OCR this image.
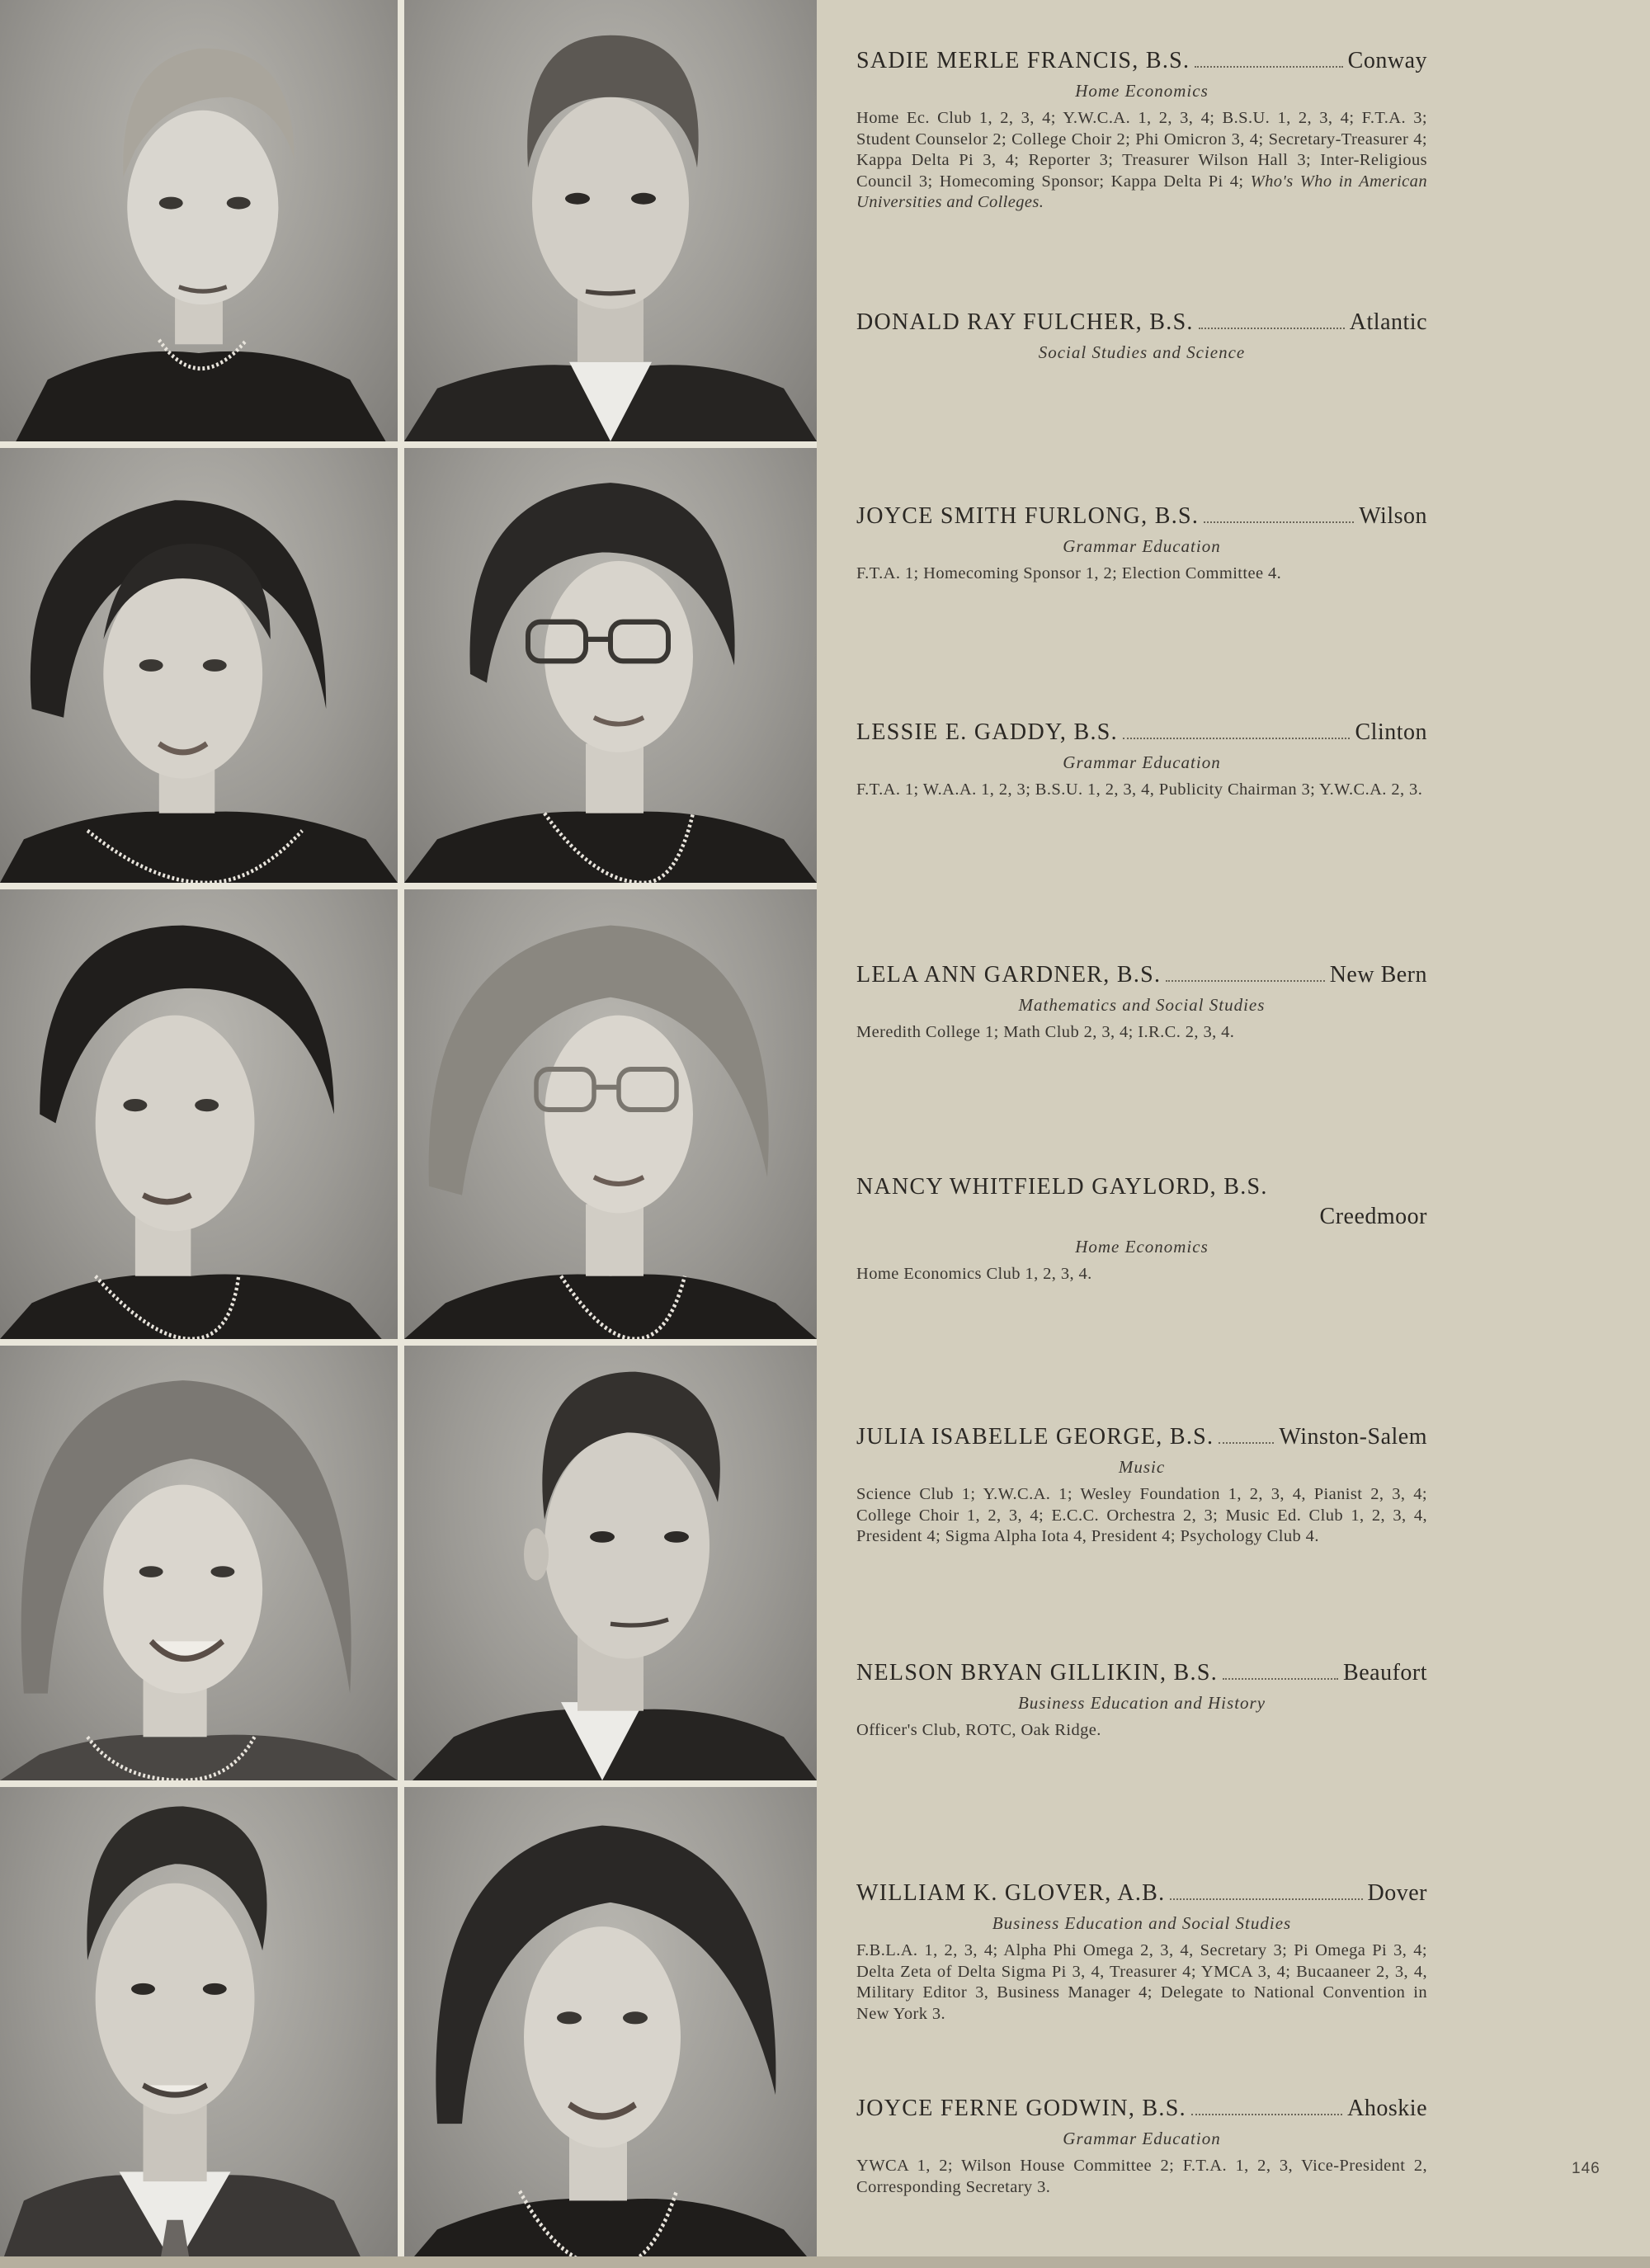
SADIE MERLE FRANCIS, B.S.	Conway
Home Economics
Home Ec. Club 1, 2, 3, 4; Y.W.C.A. 1, 2, 3, 4; B.S.U. 1, 2, 3, 4; F.T.A. 3; Student Counselor 2; College Choir 2; Phi Omicron 3, 4; Secretary-Treasurer 4; Kappa Delta Pi 3, 4; Reporter 3; Treasurer Wilson Hall 3; Inter-Religious Council 3; Homecoming Sponsor; Kappa Delta Pi 4; Who's Who in American Universities and Colleges.
DONALD RAY FULCHER, B.S.	Atlantic
Social Studies and Science
JOYCE SMITH FURLONG, B.S.	Wilson
Grammar Education
F.T.A. 1; Homecoming Sponsor 1, 2; Election Committee 4.
LESSIE E. GADDY, B.S.	Clinton
Grammar Education
F.T.A. 1; W.A.A. 1, 2, 3; B.S.U. 1, 2, 3, 4, Publicity Chairman 3; Y.W.C.A. 2, 3.
LELA ANN GARDNER, B.S.	New Bern
Mathematics and Social Studies
Meredith College 1; Math Club 2, 3, 4; I.R.C. 2, 3, 4.
NANCY WHITFIELD GAYLORD, B.S.
Creedmoor
Home Economics
Home Economics Club 1, 2, 3, 4.
JULIA ISABELLE GEORGE, B.S.	Winston-Salem
Music
Science Club 1; Y.W.C.A. 1; Wesley Foundation 1, 2, 3, 4, Pianist 2, 3, 4; College Choir 1, 2, 3, 4; E.C.C. Orchestra 2, 3; Music Ed. Club 1, 2, 3, 4, President 4; Sigma Alpha Iota 4, President 4; Psychology Club 4.
NELSON BRYAN GILLIKIN, B.S.	Beaufort
Business Education and History
Officer's Club, ROTC, Oak Ridge.
WILLIAM K. GLOVER, A.B.	Dover
Business Education and Social Studies
F.B.L.A. 1, 2, 3, 4; Alpha Phi Omega 2, 3, 4, Secretary 3; Pi Omega Pi 3, 4; Delta Zeta of Delta Sigma Pi 3, 4, Treasurer 4; YMCA 3, 4; Bucaaneer 2, 3, 4, Military Editor 3, Business Manager 4; Delegate to National Convention in New York 3.
JOYCE FERNE GODWIN, B.S.	Ahoskie
Grammar Education
YWCA 1, 2; Wilson House Committee 2; F.T.A. 1, 2, 3, Vice-President 2, Corresponding Secretary 3.
146
